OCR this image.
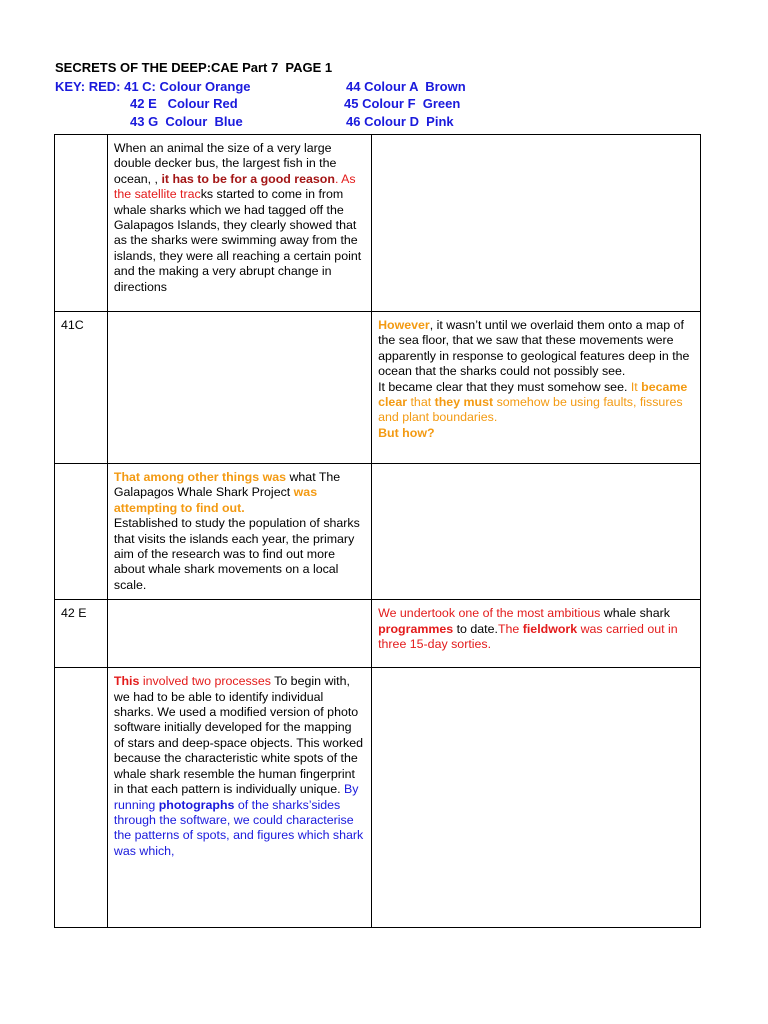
SECRETS OF THE DEEP:CAE Part 7  PAGE 1
KEY: RED: 41 C: Colour Orange	44 Colour A  Brown
42 E   Colour Red	45 Colour F  Green
43 G  Colour  Blue	46 Colour D  Pink
	When an animal the size of a very large double decker bus, the largest fish in the ocean, , it has to be for a good reason. As the satellite tracks started to come in from whale sharks which we had tagged off the Galapagos Islands, they clearly showed that as the sharks were swimming away from the islands, they were all reaching a certain point and the making a very abrupt change in directions	
41C		However, it wasn’t until we overlaid them onto a map of the sea floor, that we saw that these movements were apparently in response to geological features deep in the ocean that the sharks could not possibly see.
It became clear that they must somehow see. It became clear that they must somehow be using faults, fissures and plant boundaries.
But how?
	That among other things was what The Galapagos Whale Shark Project was attempting to find out.
Established to study the population of sharks that visits the islands each year, the primary aim of the research was to find out more about whale shark movements on a local scale.	
42 E		We undertook one of the most ambitious whale shark programmes to date.The fieldwork was carried out in three 15-day sorties.
	This involved two processes To begin with, we had to be able to identify individual sharks. We used a modified version of photo software initially developed for the mapping of stars and deep-space objects. This worked because the characteristic white spots of the whale shark resemble the human fingerprint in that each pattern is individually unique. By running photographs of the sharks’sides through the software, we could characterise the patterns of spots, and figures which shark was which,	
